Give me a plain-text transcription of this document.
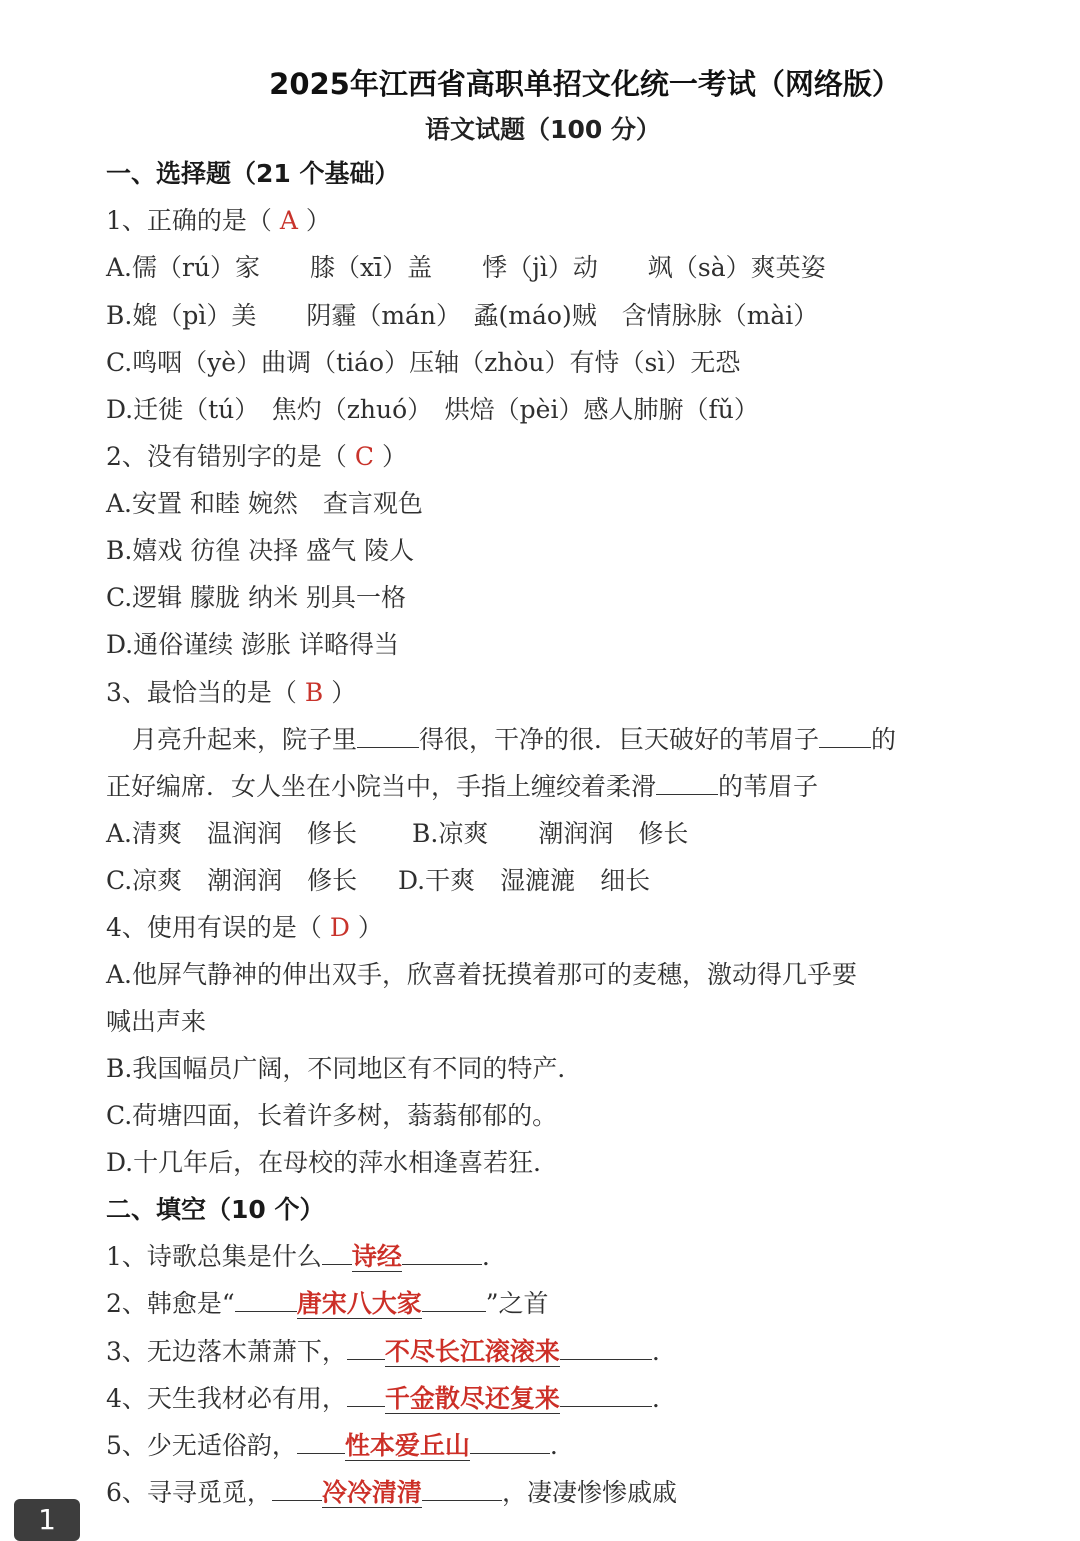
2025年江西省高职单招文化统一考试（网络版）
语文试题（100 分）
一、选择题（21 个基础）
1、正确的是（ A ）
A.儒（rú）家　　膝（xī）盖　　悸（jì）动　　飒（sà）爽英姿
B.媲（pì）美　　阴霾（mán）　蟊(máo)贼　含情脉脉（mài）
C.鸣咽（yè）曲调（tiáo）压轴（zhòu）有恃（sì）无恐
D.迁徙（tú）　焦灼（zhuó）　烘焙（pèi）感人肺腑（fǔ）
2、没有错别字的是（ C ）
A.安置 和睦 婉然　查言观色
B.嬉戏 彷徨 决择 盛气 陵人
C.逻辑 朦胧 纳米 别具一格
D.通俗谨续 澎胀 详略得当
3、最恰当的是（ B ）
月亮升起来，院子里 得很，干净的很．巨天破好的苇眉子 的
正好编席．女人坐在小院当中，手指上缠绞着柔滑 的苇眉子
A.清爽　温润润　修长 B.凉爽　　潮润润　修长
C.凉爽　潮润润　修长 D.干爽　湿漉漉　细长
4、使用有误的是（ D ）
A.他屏气静神的伸出双手，欣喜着抚摸着那可的麦穗，激动得几乎要
喊出声来
B.我国幅员广阔，不同地区有不同的特产．
C.荷塘四面，长着许多树，蓊蓊郁郁的。
D.十几年后，在母校的萍水相逢喜若狂．
二、填空（10 个）
1、诗歌总集是什么 诗经	．
2、韩愈是“ 唐宋八大家	”之首
3、无边落木萧萧下， 不尽长江滚滚来	．
4、天生我材必有用， 千金散尽还复来	．
5、少无适俗韵， 性本爱丘山	．
6、寻寻觅觅， 冷冷清清	，凄凄惨惨戚戚
1
